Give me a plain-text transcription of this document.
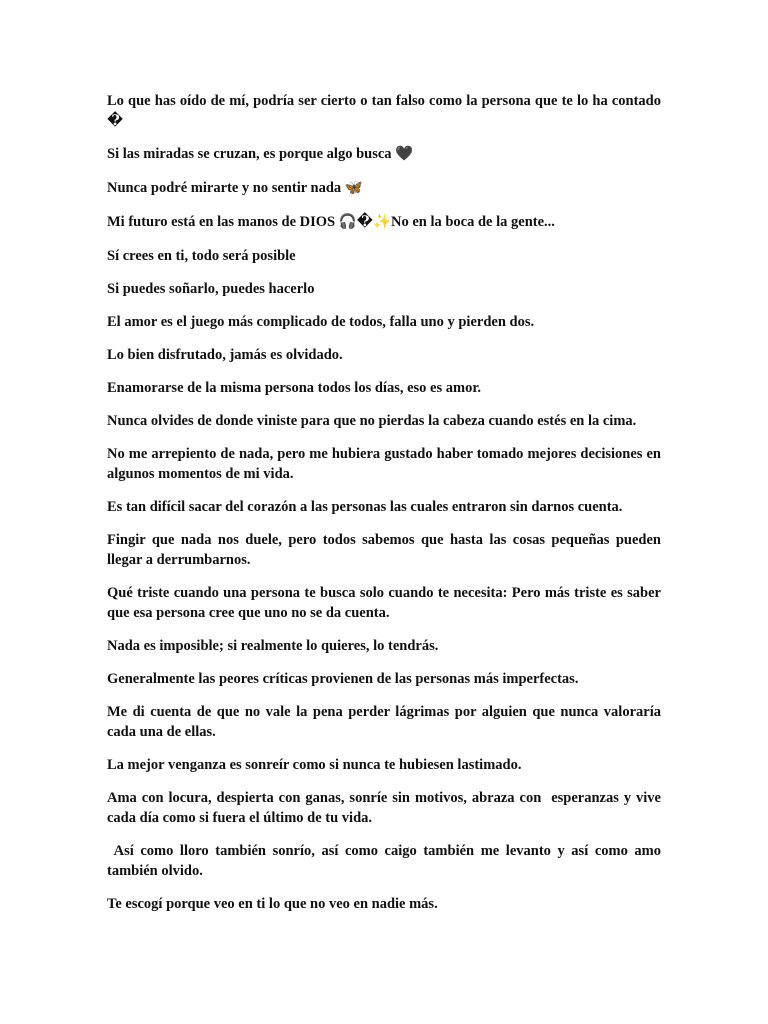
Lo que has oído de mí, podría ser cierto o tan falso como la persona que te lo ha contado �

Si las miradas se cruzan, es porque algo busca 🖤

Nunca podré mirarte y no sentir nada 🦋

Mi futuro está en las manos de DIOS 🎧�✨No en la boca de la gente...

Sí crees en ti, todo será posible

Si puedes soñarlo, puedes hacerlo

El amor es el juego más complicado de todos, falla uno y pierden dos.

Lo bien disfrutado, jamás es olvidado.

Enamorarse de la misma persona todos los días, eso es amor.

Nunca olvides de donde viniste para que no pierdas la cabeza cuando estés en la cima.

No me arrepiento de nada, pero me hubiera gustado haber tomado mejores decisiones en algunos momentos de mi vida.

Es tan difícil sacar del corazón a las personas las cuales entraron sin darnos cuenta.

Fingir que nada nos duele, pero todos sabemos que hasta las cosas pequeñas pueden llegar a derrumbarnos.

Qué triste cuando una persona te busca solo cuando te necesita: Pero más triste es saber que esa persona cree que uno no se da cuenta.

Nada es imposible; si realmente lo quieres, lo tendrás.

Generalmente las peores críticas provienen de las personas más imperfectas.

Me di cuenta de que no vale la pena perder lágrimas por alguien que nunca valoraría cada una de ellas.

La mejor venganza es sonreír como si nunca te hubiesen lastimado.

Ama con locura, despierta con ganas, sonríe sin motivos, abraza con  esperanzas y vive cada día como si fuera el último de tu vida.

Así como lloro también sonrío, así como caigo también me levanto y así como amo también olvido.

Te escogí porque veo en ti lo que no veo en nadie más.
